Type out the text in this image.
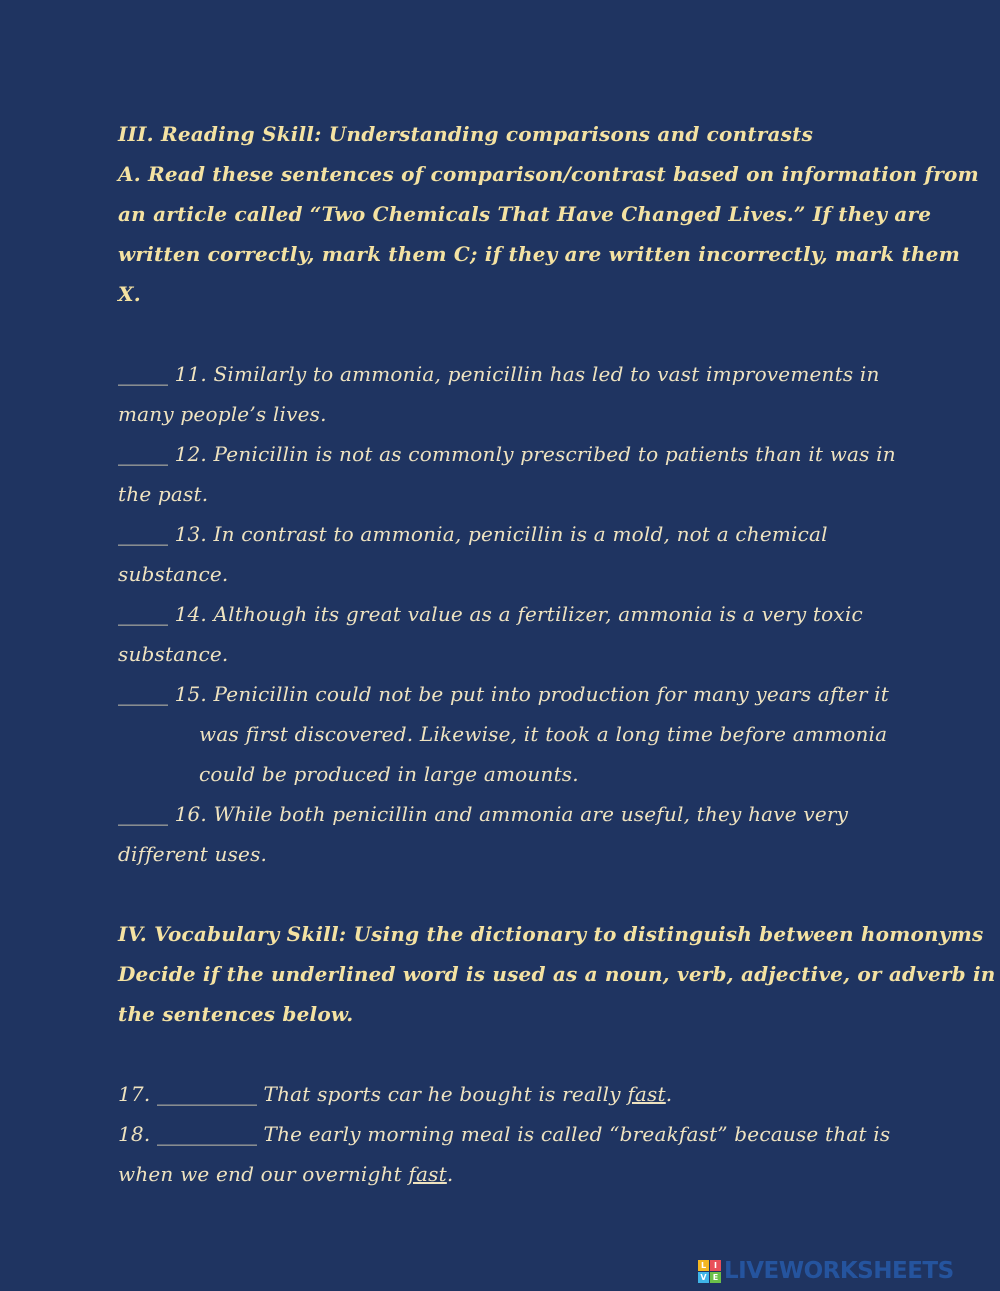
III. Reading Skill: Understanding comparisons and contrasts
A. Read these sentences of comparison/contrast based on information from
an article called “Two Chemicals That Have Changed Lives.” If they are
written correctly, mark them C; if they are written incorrectly, mark them
X.
_____ 11. Similarly to ammonia, penicillin has led to vast improvements in
many people’s lives.
_____ 12. Penicillin is not as commonly prescribed to patients than it was in
the past.
_____ 13. In contrast to ammonia, penicillin is a mold, not a chemical
substance.
_____ 14. Although its great value as a fertilizer, ammonia is a very toxic
substance.
_____ 15. Penicillin could not be put into production for many years after it
was first discovered. Likewise, it took a long time before ammonia
could be produced in large amounts.
_____ 16. While both penicillin and ammonia are useful, they have very
different uses.
IV. Vocabulary Skill: Using the dictionary to distinguish between homonyms
Decide if the underlined word is used as a noun, verb, adjective, or adverb in
the sentences below.
17. __________ That sports car he bought is really fast.
18. __________ The early morning meal is called “breakfast” because that is
when we end our overnight fast.
L I
V E LIVEWORKSHEETS
